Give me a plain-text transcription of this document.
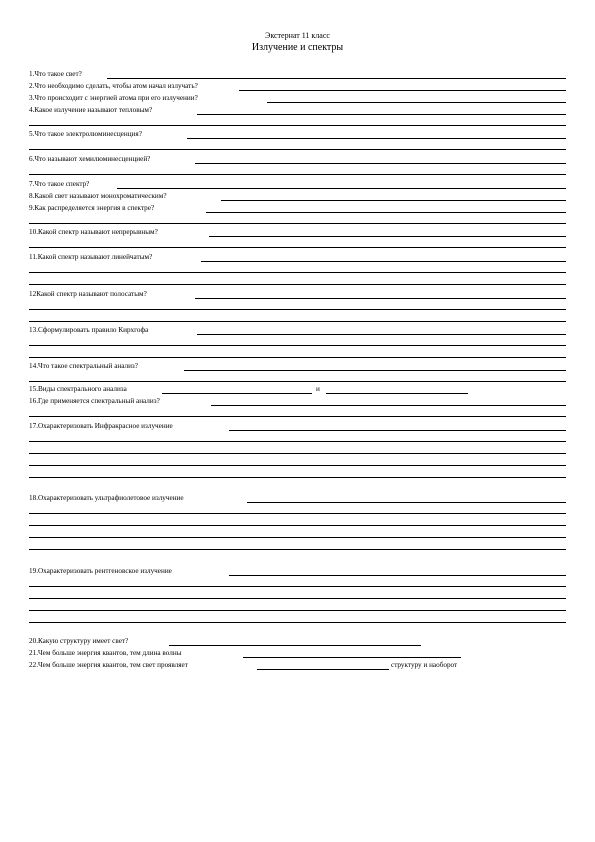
Экстернат 11 класс
Излучение и спектры
1.Что такое свет?
2.Что необходимо сделать, чтобы атом начал излучать?
3.Что происходит с энергией атома при его излучении?
4.Какое излучение называют тепловым?
5.Что такое электролюминесценция?
6.Что называют хемилюминесценцией?
7.Что такое спектр?
8.Какой свет называют монохроматическим?
9.Как распределяется энергия в спектре?
10.Какой спектр называют непрерывным?
11.Какой спектр называют линейчатым?
12Какой спектр называют полосатым?
13.Сформулировать правило Кирхгофа
14.Что такое спектральный анализ?
15.Виды спектрального анализа	и
16.Где применяется спектральный анализ?
17.Охарактеризовать Инфракрасное излучение
18.Охарактеризовать ультрафиолетовое излучение
19.Охарактеризовать рентгеновское излучение
20.Какую структуру имеет свет?
21.Чем больше энергия квантов, тем длина волны
22.Чем больше энергия квантов, тем свет проявляет	структуру и наоборот
